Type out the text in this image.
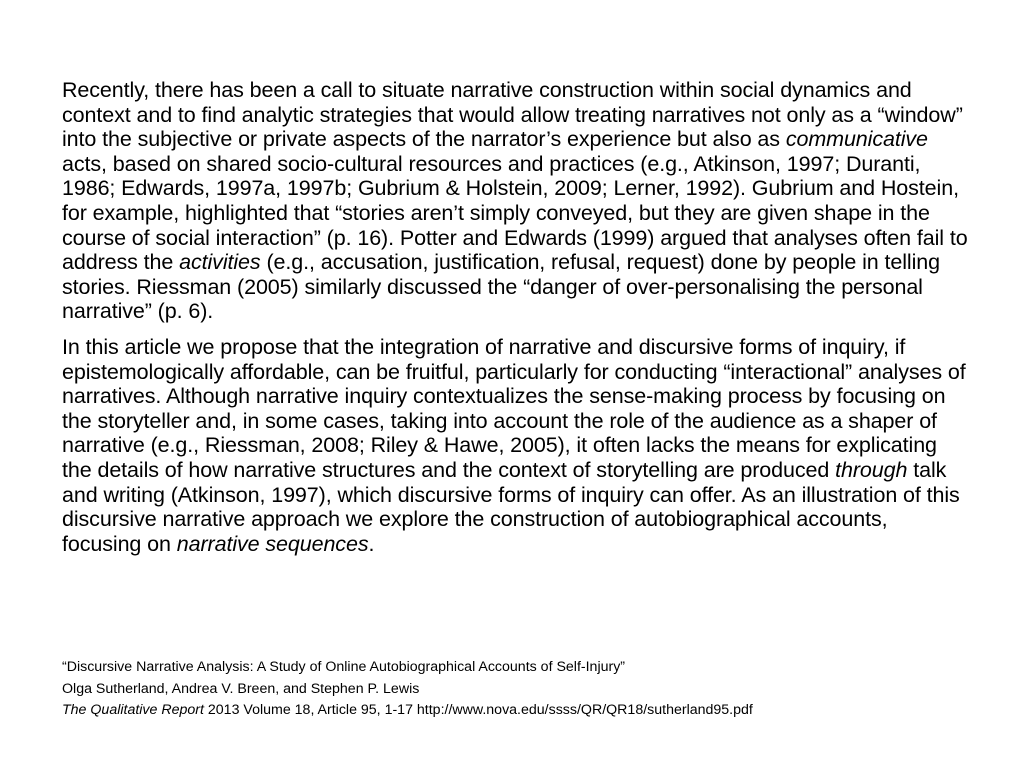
Recently, there has been a call to situate narrative construction within social dynamics and context and to find analytic strategies that would allow treating narratives not only as a “window” into the subjective or private aspects of the narrator’s experience but also as communicative acts, based on shared socio-cultural resources and practices (e.g., Atkinson, 1997; Duranti, 1986; Edwards, 1997a, 1997b; Gubrium & Holstein, 2009; Lerner, 1992). Gubrium and Hostein, for example, highlighted that “stories aren’t simply conveyed, but they are given shape in the course of social interaction” (p. 16). Potter and Edwards (1999) argued that analyses often fail to address the activities (e.g., accusation, justification, refusal, request) done by people in telling stories. Riessman (2005) similarly discussed the “danger of over-personalising the personal narrative” (p. 6).

In this article we propose that the integration of narrative and discursive forms of inquiry, if epistemologically affordable, can be fruitful, particularly for conducting “interactional” analyses of narratives. Although narrative inquiry contextualizes the sense-making process by focusing on the storyteller and, in some cases, taking into account the role of the audience as a shaper of narrative (e.g., Riessman, 2008; Riley & Hawe, 2005), it often lacks the means for explicating the details of how narrative structures and the context of storytelling are produced through talk and writing (Atkinson, 1997), which discursive forms of inquiry can offer. As an illustration of this discursive narrative approach we explore the construction of autobiographical accounts, focusing on narrative sequences.

“Discursive Narrative Analysis: A Study of Online Autobiographical Accounts of Self-Injury”

Olga Sutherland, Andrea V. Breen, and Stephen P. Lewis

The Qualitative Report 2013 Volume 18, Article 95, 1-17 http://www.nova.edu/ssss/QR/QR18/sutherland95.pdf
